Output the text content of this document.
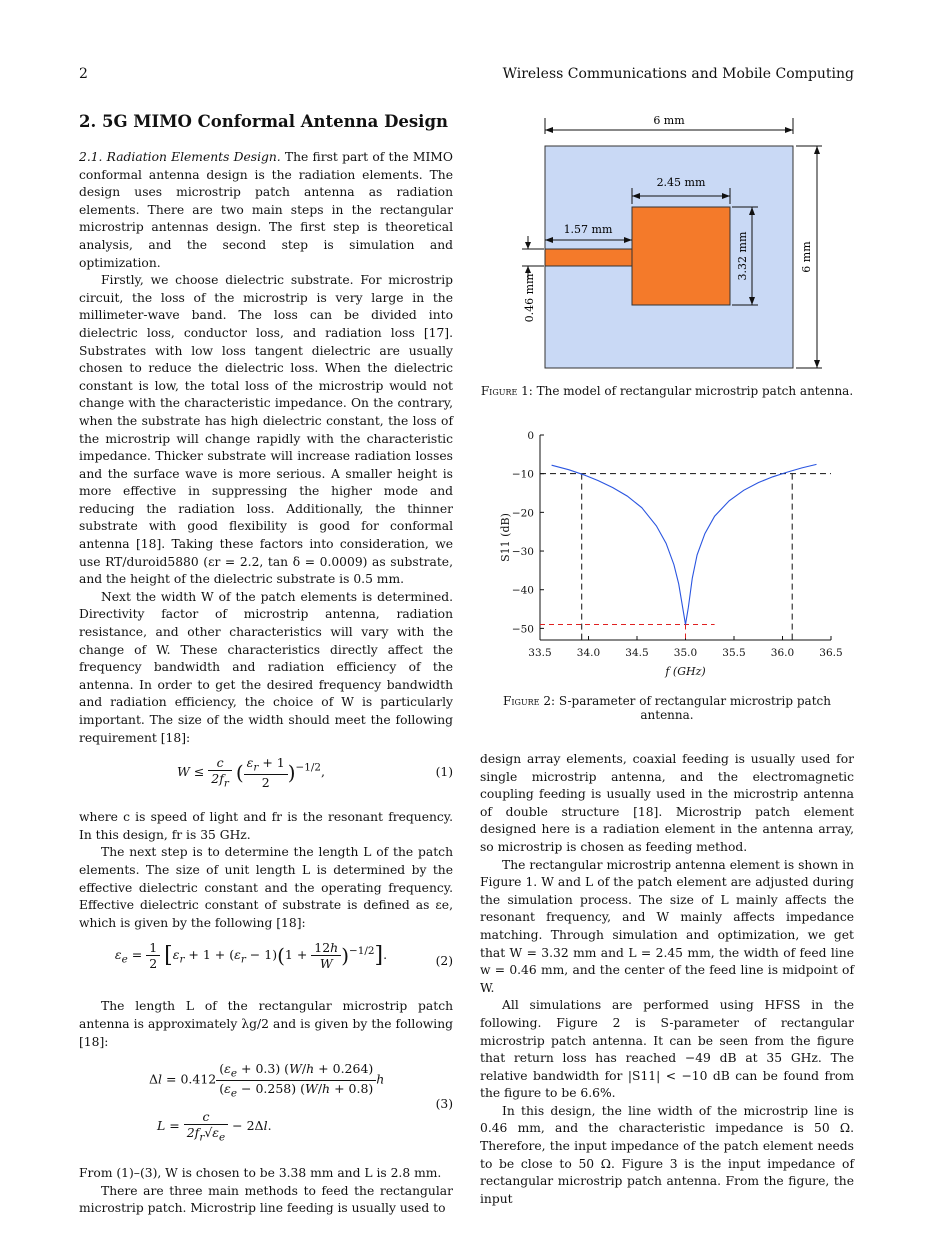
2	Wireless Communications and Mobile Computing
2. 5G MIMO Conformal Antenna Design

2.1. Radiation Elements Design. The first part of the MIMO conformal antenna design is the radiation elements. The design uses microstrip patch antenna as radiation elements. There are two main steps in the rectangular microstrip antennas design. The first step is theoretical analysis, and the second step is simulation and optimization.

Firstly, we choose dielectric substrate. For microstrip circuit, the loss of the microstrip is very large in the millimeter-wave band. The loss can be divided into dielectric loss, conductor loss, and radiation loss [17]. Substrates with low loss tangent dielectric are usually chosen to reduce the dielectric loss. When the dielectric constant is low, the total loss of the microstrip would not change with the characteristic impedance. On the contrary, when the substrate has high dielectric constant, the loss of the microstrip will change rapidly with the characteristic impedance. Thicker substrate will increase radiation losses and the surface wave is more serious. A smaller height is more effective in suppressing the higher mode and reducing the radiation loss. Additionally, the thinner substrate with good flexibility is good for conformal antenna [18]. Taking these factors into consideration, we use RT/duroid5880 (εr = 2.2, tan δ = 0.0009) as substrate, and the height of the dielectric substrate is 0.5 mm.

Next the width W of the patch elements is determined. Directivity factor of microstrip antenna, radiation resistance, and other characteristics will vary with the change of W. These characteristics directly affect the frequency bandwidth and radiation efficiency of the antenna. In order to get the desired frequency bandwidth and radiation efficiency, the choice of W is particularly important. The size of the width should meet the following requirement [18]:

$W \le \frac{c}{2f_r}$ ( $\frac{\varepsilon_r + 1}{2} )^{-1/2}$,	(1)

where c is speed of light and fr is the resonant frequency. In this design, fr is 35 GHz.

The next step is to determine the length L of the patch elements. The size of unit length L is determined by the effective dielectric constant and the operating frequency. Effective dielectric constant of substrate is defined as εe, which is given by the following [18]:

$\varepsilon_e = \frac{1}{2} [\varepsilon_r + 1 + (\varepsilon_r - 1)(1 + \frac{12h}{W} )^{-1/2}]$.	(2)

The length L of the rectangular microstrip patch antenna is approximately λg/2 and is given by the following [18]:

$\Delta l = 0.412 \frac{(\varepsilon_e + 0.3) (W/h + 0.264)}{(\varepsilon_e - 0.258) (W/h + 0.8)}$ h
$L = \frac{c}{2f_r√\varepsilon_e} - 2\Delta l$.
(3)

From (1)–(3), W is chosen to be 3.38 mm and L is 2.8 mm.

There are three main methods to feed the rectangular microstrip patch. Microstrip line feeding is usually used to

6 mm
2.45 mm
1.57 mm
3.32 mm	6 mm
0.46 mm
Figure 1: The model of rectangular microstrip patch antenna.
33.5 34.0 34.5 35.0 35.5 36.0 36.5
0
−10
−20
−30
−40
−50
f (GHz)
S11 (dB)
Figure 2: S-parameter of rectangular microstrip patch antenna.

design array elements, coaxial feeding is usually used for single microstrip antenna, and the electromagnetic coupling feeding is usually used in the microstrip antenna of double structure [18]. Microstrip patch element designed here is a radiation element in the antenna array, so microstrip is chosen as feeding method.

The rectangular microstrip antenna element is shown in Figure 1. W and L of the patch element are adjusted during the simulation process. The size of L mainly affects the resonant frequency, and W mainly affects impedance matching. Through simulation and optimization, we get that W = 3.32 mm and L = 2.45 mm, the width of feed line w = 0.46 mm, and the center of the feed line is midpoint of W.

All simulations are performed using HFSS in the following. Figure 2 is S-parameter of rectangular microstrip patch antenna. It can be seen from the figure that return loss has reached −49 dB at 35 GHz. The relative bandwidth for |S11| < −10 dB can be found from the figure to be 6.6%.

In this design, the line width of the microstrip line is 0.46 mm, and the characteristic impedance is 50 Ω. Therefore, the input impedance of the patch element needs to be close to 50 Ω. Figure 3 is the input impedance of rectangular microstrip patch antenna. From the figure, the input
